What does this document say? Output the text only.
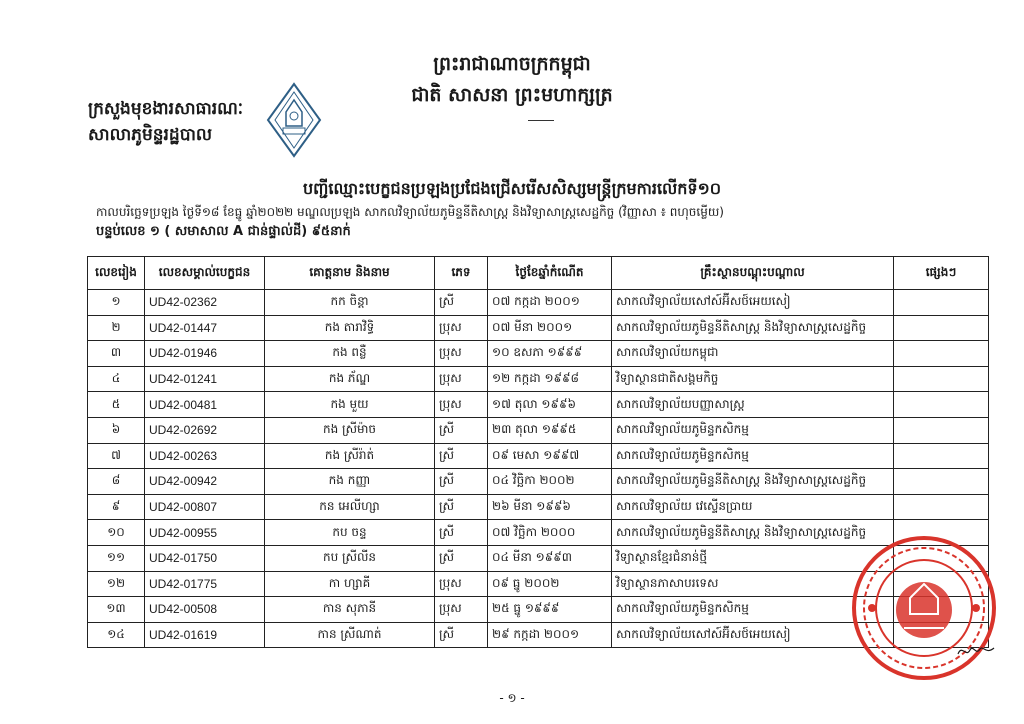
ព្រះរាជាណាចក្រកម្ពុជា
ជាតិ សាសនា ព្រះមហាក្សត្រ
ក្រសួងមុខងារសាធារណៈ
សាលាភូមិន្ទរដ្ឋបាល
បញ្ជីឈ្មោះបេក្ខជនប្រឡងប្រជែងជ្រើសរើសសិស្សមន្ត្រីក្រមការលើកទី១០
កាលបរិច្ឆេទប្រឡង ថ្ងៃទី១៨ ខែធ្នូ ឆ្នាំ២០២២ មណ្ឌលប្រឡង សាកលវិទ្យាល័យភូមិន្ទនីតិសាស្ត្រ និងវិទ្យាសាស្ត្រសេដ្ឋកិច្ច (វិញ្ញាសា ៖ ពហុចម្លើយ)
បន្ទប់លេខ ១ ( សមាសាល A ជាន់ផ្ទាល់ដី) ៩៥នាក់
លេខរៀង	លេខសម្គាល់បេក្ខជន	គោត្តនាម និងនាម	ភេទ	ថ្ងៃខែឆ្នាំកំណើត	គ្រឹះស្ថានបណ្តុះបណ្តាល	ផ្សេងៗ
១	UD42-02362	កក ចិន្តា	ស្រី	០៧ កក្កដា ២០០១	សាកលវិទ្យាល័យសៅស៍អ៊ីសថ៍អេយសៀ	
២	UD42-01447	កង តារាវិទ្ធិ	ប្រុស	០៧ មីនា ២០០១	សាកលវិទ្យាល័យភូមិន្ទនីតិសាស្ត្រ និងវិទ្យាសាស្ត្រសេដ្ឋកិច្ច	
៣	UD42-01946	កង ពន្លឺ	ប្រុស	១០ ឧសភា ១៩៩៩	សាកលវិទ្យាល័យកម្ពុជា	
៤	UD42-01241	កង ភ័ណ្ឌ	ប្រុស	១២ កក្កដា ១៩៩៨	វិទ្យាស្ថានជាតិសង្គមកិច្ច	
៥	UD42-00481	កង មួយ	ប្រុស	១៧ តុលា ១៩៩៦	សាកលវិទ្យាល័យបញ្ញាសាស្ត្រ	
៦	UD42-02692	កង ស្រីម៉ាច	ស្រី	២៣ តុលា ១៩៩៥	សាកលវិទ្យាល័យភូមិន្ទកសិកម្ម	
៧	UD42-00263	កង ស្រីរ៉ាត់	ស្រី	០៩ មេសា ១៩៩៧	សាកលវិទ្យាល័យភូមិន្ទកសិកម្ម	
៨	UD42-00942	កង កញ្ញា	ស្រី	០៤ វិច្ឆិកា ២០០២	សាកលវិទ្យាល័យភូមិន្ទនីតិសាស្ត្រ និងវិទ្យាសាស្ត្រសេដ្ឋកិច្ច	
៩	UD42-00807	កន អេលីហ្សា	ស្រី	២៦ មីនា ១៩៩៦	សាកលវិទ្យាល័យ វេស្ទើនប្រាយ	
១០	UD42-00955	កប ចន្ទ	ស្រី	០៧ វិច្ឆិកា ២០០០	សាកលវិទ្យាល័យភូមិន្ទនីតិសាស្ត្រ និងវិទ្យាសាស្ត្រសេដ្ឋកិច្ច	
១១	UD42-01750	កប ស្រីលីន	ស្រី	០៤ មីនា ១៩៩៣	វិទ្យាស្ថានខ្មែរជំនាន់ថ្មី	
១២	UD42-01775	កា ហ្សាគី	ប្រុស	០៩ ធ្នូ ២០០២	វិទ្យាស្ថានភាសាបរទេស	
១៣	UD42-00508	កាន សុភានី	ប្រុស	២៥ ធ្នូ ១៩៩៩	សាកលវិទ្យាល័យភូមិន្ទកសិកម្ម	
១៤	UD42-01619	កាន ស្រីណាត់	ស្រី	២៩ កក្កដា ២០០១	សាកលវិទ្យាល័យសៅស៍អ៊ីសថ៍អេយសៀ	
- ១ -
